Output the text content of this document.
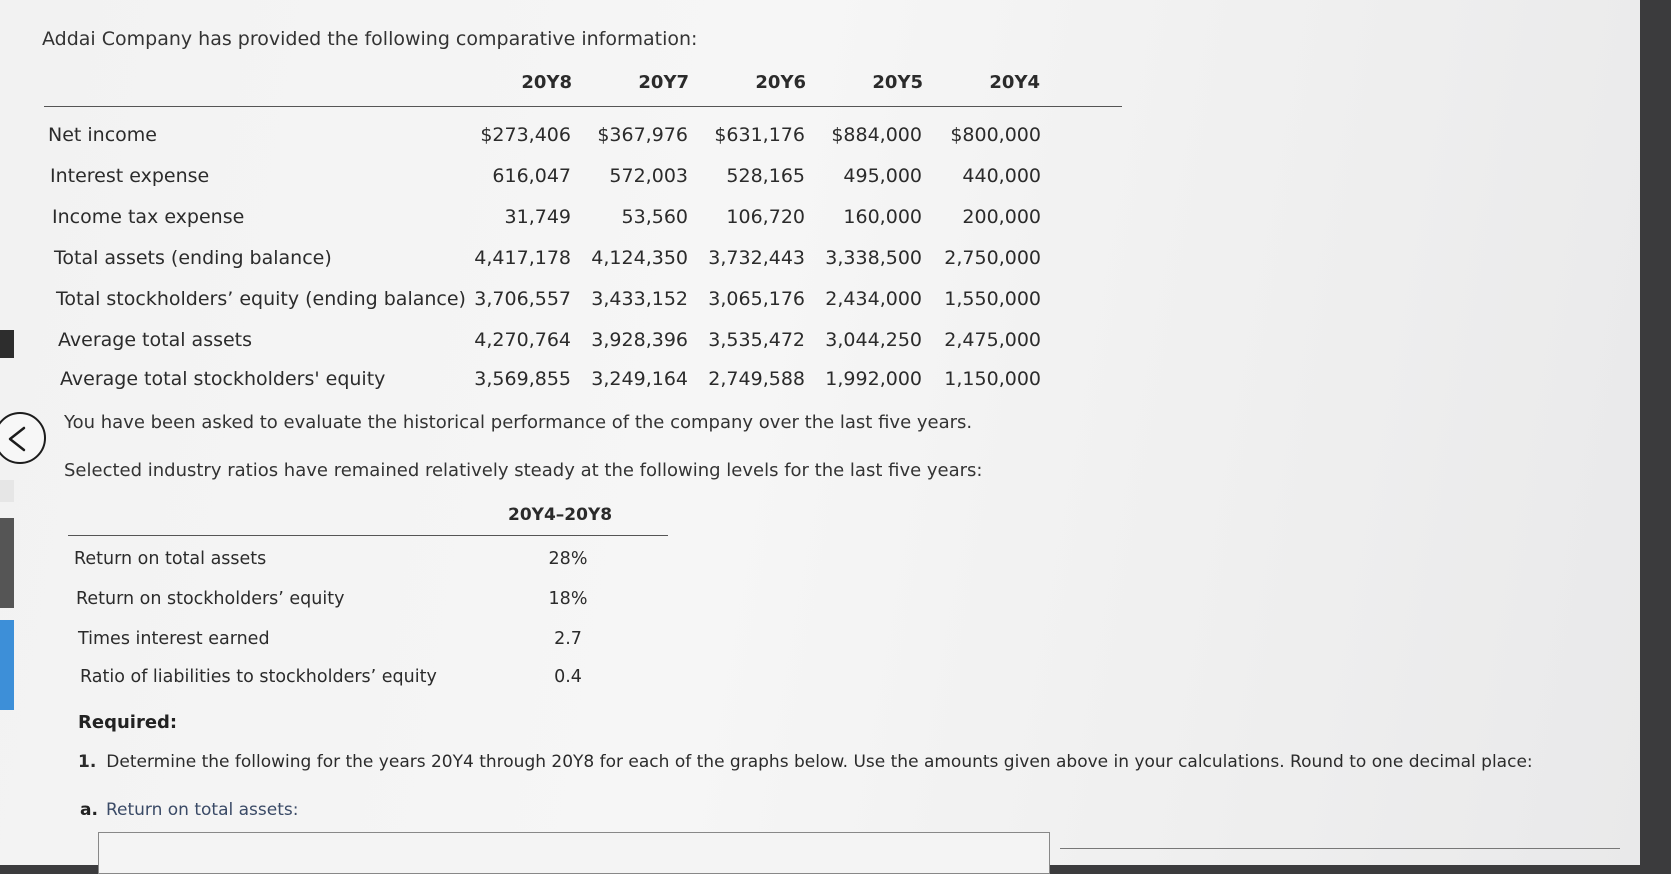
Addai Company has provided the following comparative information:
20Y8	20Y7	20Y6	20Y5	20Y4
Net income	$273,406	$367,976	$631,176	$884,000	$800,000
Interest expense	616,047	572,003	528,165	495,000	440,000
Income tax expense	31,749	53,560	106,720	160,000	200,000
Total assets (ending balance)	4,417,178	4,124,350	3,732,443	3,338,500	2,750,000
Total stockholders’ equity (ending balance) 3,706,557	3,433,152	3,065,176	2,434,000	1,550,000
Average total assets	4,270,764	3,928,396	3,535,472	3,044,250	2,475,000
Average total stockholders' equity	3,569,855	3,249,164	2,749,588	1,992,000	1,150,000
You have been asked to evaluate the historical performance of the company over the last five years.
Selected industry ratios have remained relatively steady at the following levels for the last five years:
20Y4–20Y8
Return on total assets	28%
Return on stockholders’ equity	18%
Times interest earned	2.7
Ratio of liabilities to stockholders’ equity	0.4
Required:
1. Determine the following for the years 20Y4 through 20Y8 for each of the graphs below. Use the amounts given above in your calculations. Round to one decimal place:
a. Return on total assets:
